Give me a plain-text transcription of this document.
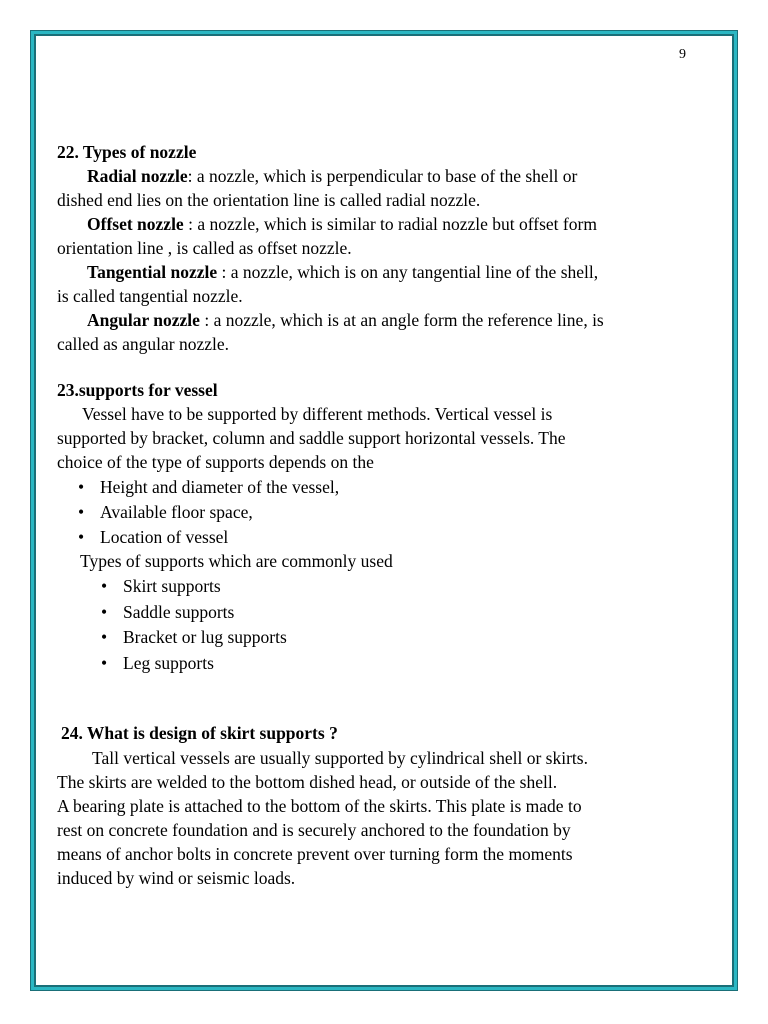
9
22. Types of nozzle
Radial nozzle: a nozzle, which is perpendicular to base of the shell or
dished end lies on the orientation line is called radial nozzle.
Offset nozzle : a nozzle, which is similar to radial nozzle but offset form
orientation line , is called as offset nozzle.
Tangential nozzle : a nozzle, which is on any tangential line of the shell,
is called tangential nozzle.
Angular nozzle : a nozzle, which is at an angle form the reference line, is
called as angular nozzle.
23.supports for vessel
Vessel have to be supported by different methods. Vertical vessel is
supported by bracket, column and saddle support horizontal vessels. The
choice of the type of supports depends on the
• Height and diameter of the vessel,
• Available floor space,
• Location of vessel
Types of supports which are commonly used
• Skirt supports
• Saddle supports
• Bracket or lug supports
• Leg supports
24. What is design of skirt supports ?
Tall vertical vessels are usually supported by cylindrical shell or skirts.
The skirts are welded to the bottom dished head, or outside of the shell.
A bearing plate is attached to the bottom of the skirts. This plate is made to
rest on concrete foundation and is securely anchored to the foundation by
means of anchor bolts in concrete prevent over turning form the moments
induced by wind or seismic loads.
